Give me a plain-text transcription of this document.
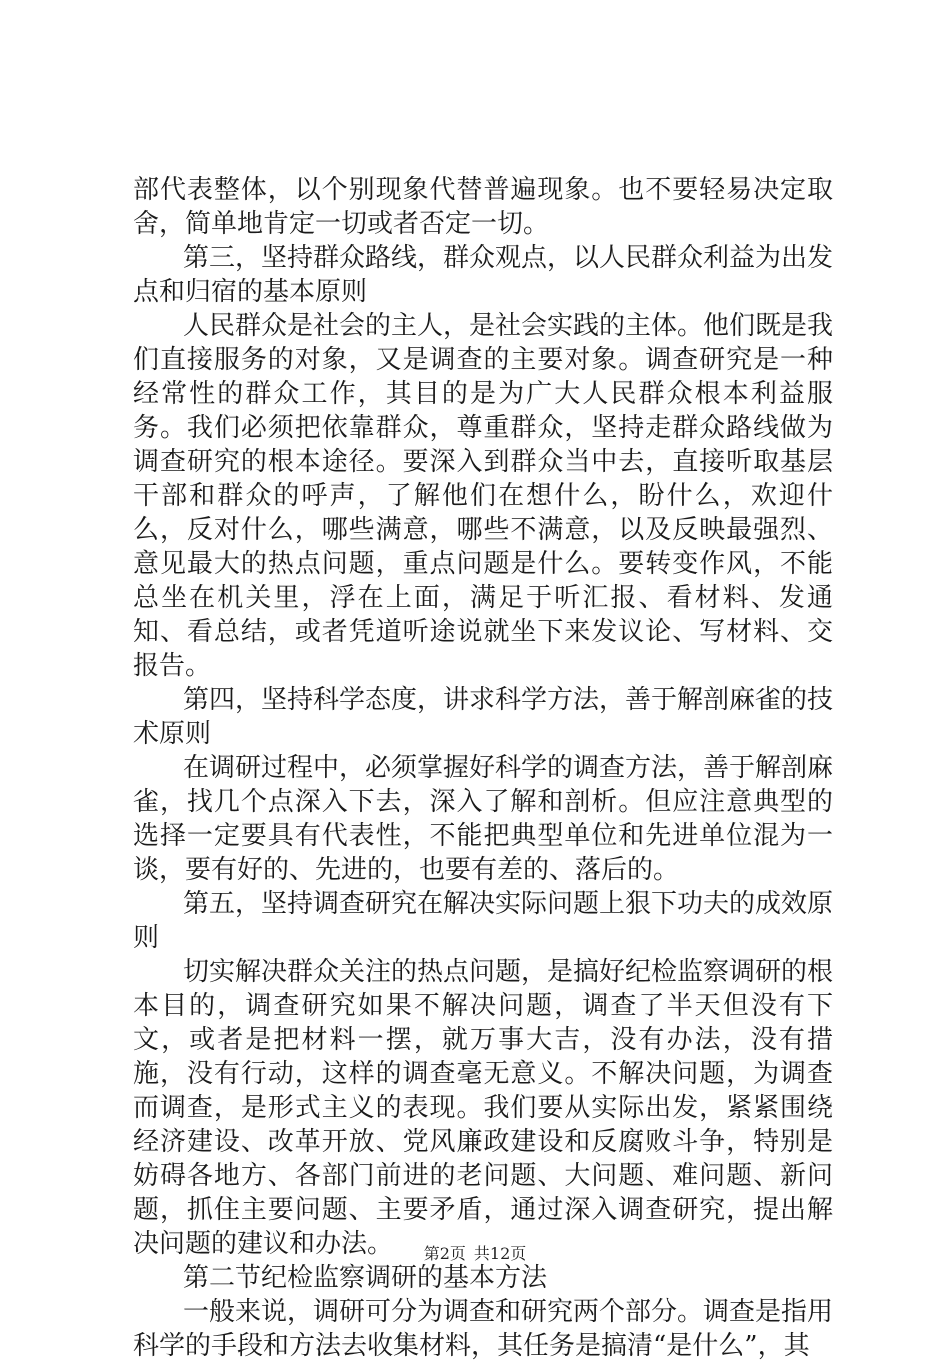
部代表整体，以个别现象代替普遍现象。也不要轻易决定取舍，简单地肯定一切或者否定一切。

第三，坚持群众路线，群众观点，以人民群众利益为出发点和归宿的基本原则

人民群众是社会的主人，是社会实践的主体。他们既是我们直接服务的对象，又是调查的主要对象。调查研究是一种经常性的群众工作，其目的是为广大人民群众根本利益服务。我们必须把依靠群众，尊重群众，坚持走群众路线做为调查研究的根本途径。要深入到群众当中去，直接听取基层干部和群众的呼声，了解他们在想什么，盼什么，欢迎什么，反对什么，哪些满意，哪些不满意，以及反映最强烈、意见最大的热点问题，重点问题是什么。要转变作风，不能总坐在机关里，浮在上面，满足于听汇报、看材料、发通知、看总结，或者凭道听途说就坐下来发议论、写材料、交报告。

第四，坚持科学态度，讲求科学方法，善于解剖麻雀的技术原则

在调研过程中，必须掌握好科学的调查方法，善于解剖麻雀，找几个点深入下去，深入了解和剖析。但应注意典型的选择一定要具有代表性，不能把典型单位和先进单位混为一谈，要有好的、先进的，也要有差的、落后的。

第五，坚持调查研究在解决实际问题上狠下功夫的成效原则

切实解决群众关注的热点问题，是搞好纪检监察调研的根本目的，调查研究如果不解决问题，调查了半天但没有下文，或者是把材料一摆，就万事大吉，没有办法，没有措施，没有行动，这样的调查毫无意义。不解决问题，为调查而调查，是形式主义的表现。我们要从实际出发，紧紧围绕经济建设、改革开放、党风廉政建设和反腐败斗争，特别是妨碍各地方、各部门前进的老问题、大问题、难问题、新问题，抓住主要问题、主要矛盾，通过深入调查研究，提出解决问题的建议和办法。

第二节纪检监察调研的基本方法

一般来说，调研可分为调查和研究两个部分。调查是指用科学的手段和方法去收集材料，其任务是搞清“是什么”，其

第2页 共12页
